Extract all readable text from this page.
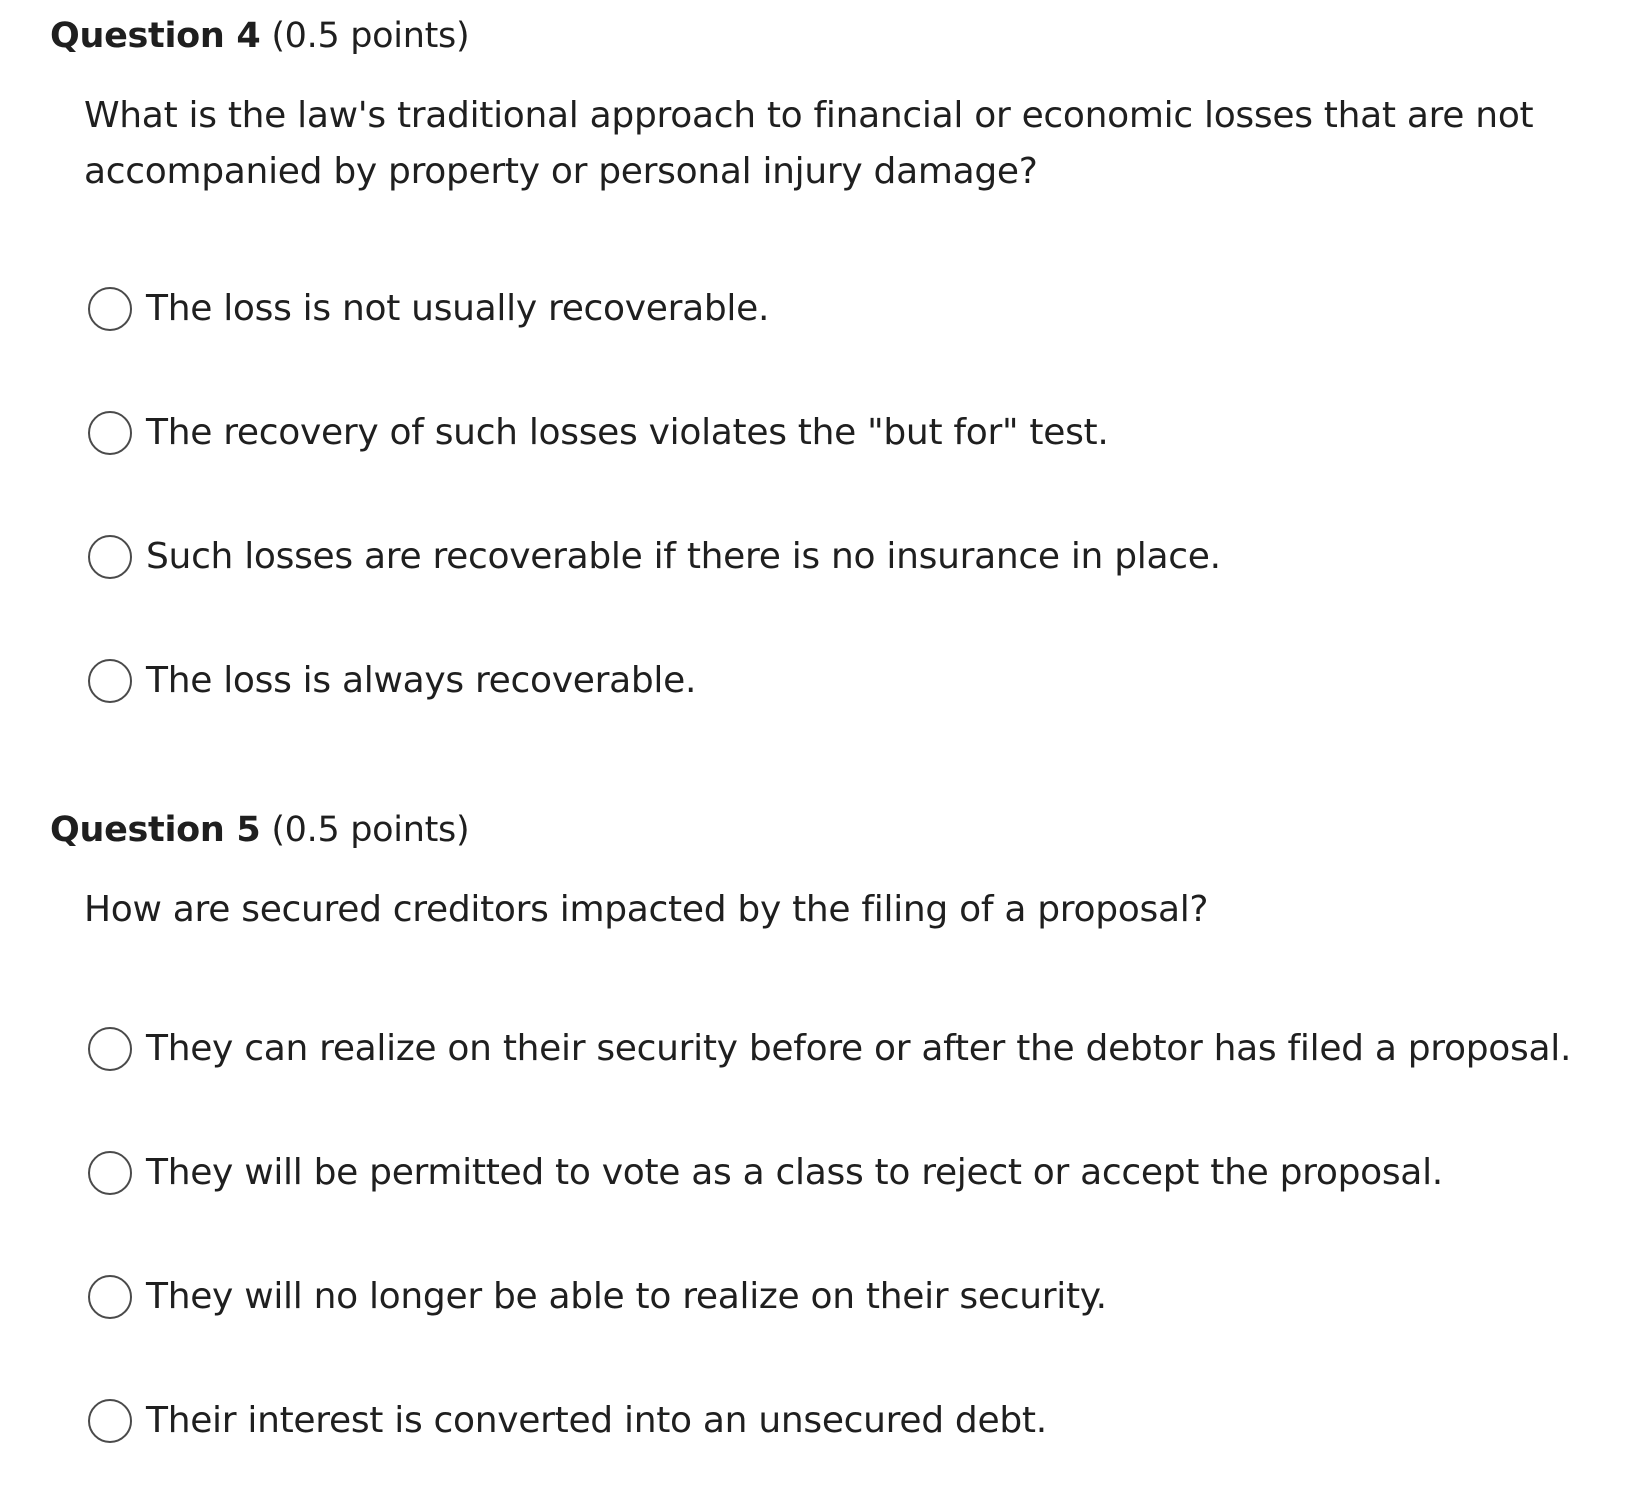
Question 4 (0.5 points)
What is the law's traditional approach to financial or economic losses that are not accompanied by property or personal injury damage?
The loss is not usually recoverable.
The recovery of such losses violates the "but for" test.
Such losses are recoverable if there is no insurance in place.
The loss is always recoverable.
Question 5 (0.5 points)
How are secured creditors impacted by the filing of a proposal?
They can realize on their security before or after the debtor has filed a proposal.
They will be permitted to vote as a class to reject or accept the proposal.
They will no longer be able to realize on their security.
Their interest is converted into an unsecured debt.
